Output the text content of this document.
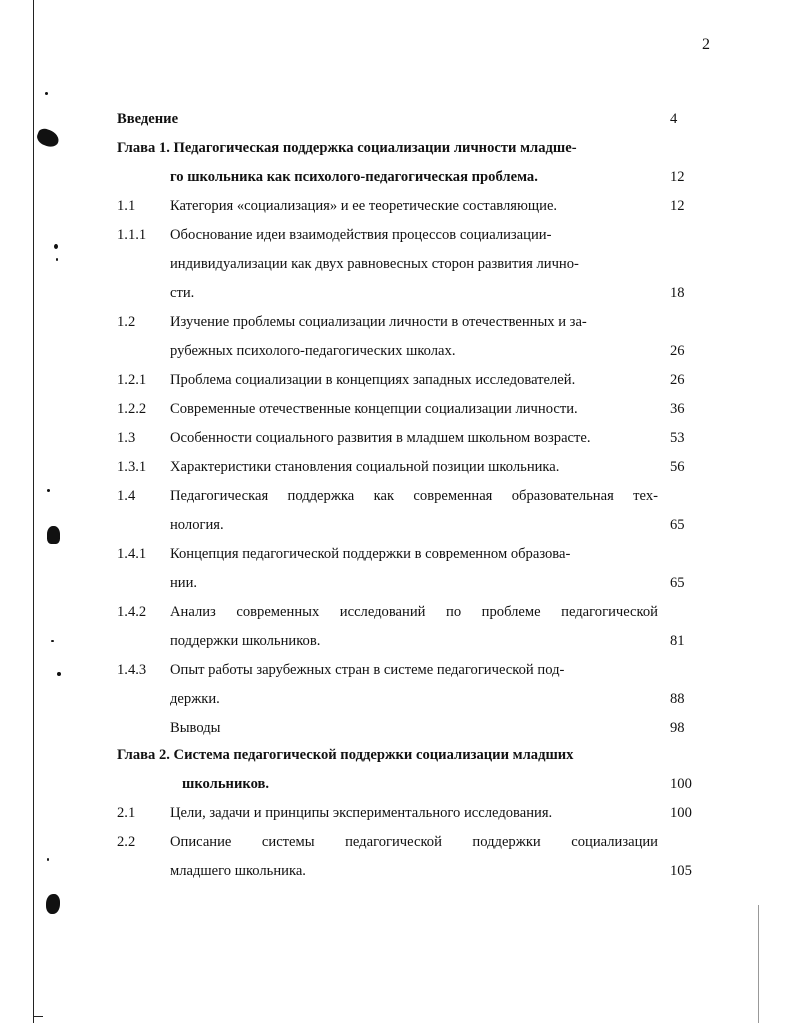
2
Введение	4
Глава 1. Педагогическая поддержка социализации личности младше-
го школьника как психолого-педагогическая проблема.	12
1.1 Категория «социализация» и ее теоретические составляющие.	12
1.1.1 Обоснование идеи взаимодействия процессов социализации-
индивидуализации как двух равновесных сторон развития лично-
сти.	18
1.2 Изучение проблемы социализации личности в отечественных и за-
рубежных психолого-педагогических школах.	26
1.2.1 Проблема социализации в концепциях западных исследователей.	26
1.2.2 Современные отечественные концепции социализации личности.	36
1.3 Особенности социального развития в младшем школьном возрасте.	53
1.3.1 Характеристики становления социальной позиции школьника.	56
1.4 Педагогическая поддержка как современная образовательная тех-
нология.	65
1.4.1 Концепция педагогической поддержки в современном образова-
нии.	65
1.4.2 Анализ современных исследований по проблеме педагогической
поддержки школьников.	81
1.4.3 Опыт работы зарубежных стран в системе педагогической под-
держки.	88
Выводы	98
Глава 2. Система педагогической поддержки социализации младших
школьников.	100
2.1 Цели, задачи и принципы экспериментального исследования.	100
2.2 Описание системы педагогической поддержки социализации
младшего школьника.	105
